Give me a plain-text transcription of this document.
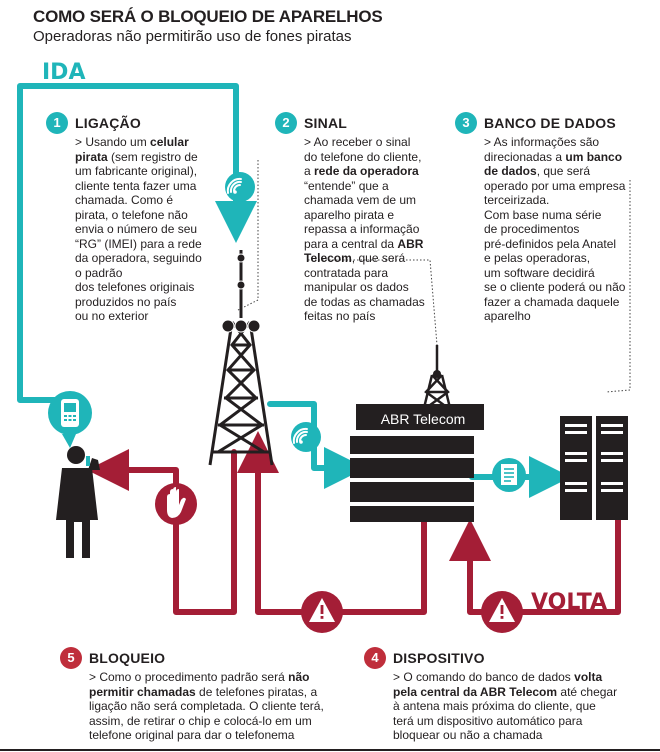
COMO SERÁ O BLOQUEIO DE APARELHOS
Operadoras não permitirão uso de fones piratas
IDA
VOLTA
ABR Telecom
1	LIGAÇÃO

> Usando um celular

pirata (sem registro de

um fabricante original),

cliente tenta fazer uma

chamada. Como é

pirata, o telefone não

envia o número de seu

“RG” (IMEI) para a rede

da operadora, seguindo

o padrão

dos telefones originais

produzidos no país

ou no exterior

2	SINAL

> Ao receber o sinal

do telefone do cliente,

a rede da operadora

“entende” que a

chamada vem de um

aparelho pirata e

repassa a informação

para a central da ABR

Telecom, que será

contratada para

manipular os dados

de todas as chamadas

feitas no país

3	BANCO DE DADOS

> As informações são

direcionadas a um banco

de dados, que será

operado por uma empresa

terceirizada.

Com base numa série

de procedimentos

pré-definidos pela Anatel

e pelas operadoras,

um software decidirá

se o cliente poderá ou não

fazer a chamada daquele

aparelho

4	DISPOSITIVO

> O comando do banco de dados volta

pela central da ABR Telecom até chegar

à antena mais próxima do cliente, que

terá um dispositivo automático para

bloquear ou não a chamada

5	BLOQUEIO

> Como o procedimento padrão será não

permitir chamadas de telefones piratas, a

ligação não será completada. O cliente terá,

assim, de retirar o chip e colocá-lo em um

telefone original para dar o telefonema
